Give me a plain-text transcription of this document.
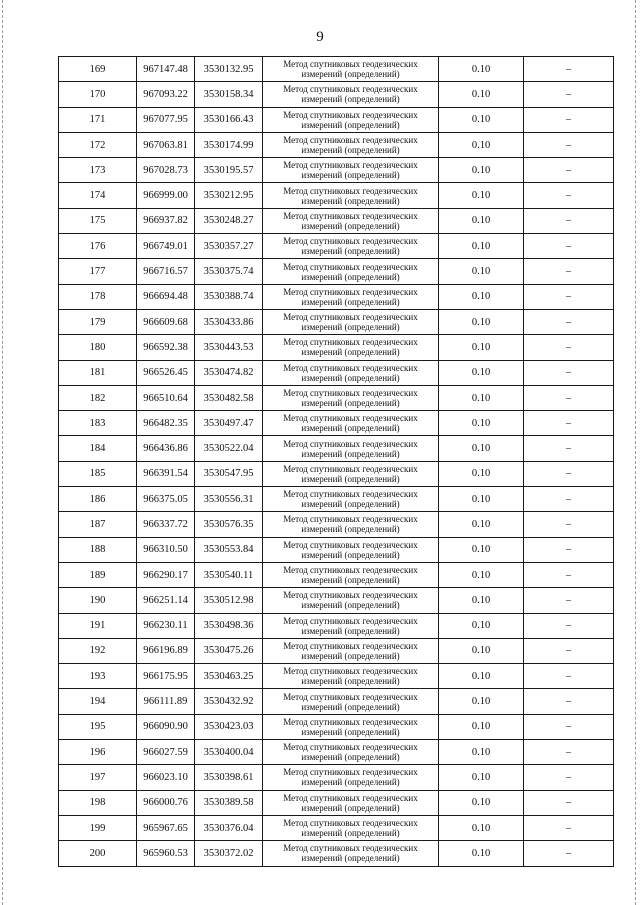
9
169	967147.48	3530132.95	Метод спутниковых геодезических
измерений (определений)	0.10	–
170	967093.22	3530158.34	Метод спутниковых геодезических
измерений (определений)	0.10	–
171	967077.95	3530166.43	Метод спутниковых геодезических
измерений (определений)	0.10	–
172	967063.81	3530174.99	Метод спутниковых геодезических
измерений (определений)	0.10	–
173	967028.73	3530195.57	Метод спутниковых геодезических
измерений (определений)	0.10	–
174	966999.00	3530212.95	Метод спутниковых геодезических
измерений (определений)	0.10	–
175	966937.82	3530248.27	Метод спутниковых геодезических
измерений (определений)	0.10	–
176	966749.01	3530357.27	Метод спутниковых геодезических
измерений (определений)	0.10	–
177	966716.57	3530375.74	Метод спутниковых геодезических
измерений (определений)	0.10	–
178	966694.48	3530388.74	Метод спутниковых геодезических
измерений (определений)	0.10	–
179	966609.68	3530433.86	Метод спутниковых геодезических
измерений (определений)	0.10	–
180	966592.38	3530443.53	Метод спутниковых геодезических
измерений (определений)	0.10	–
181	966526.45	3530474.82	Метод спутниковых геодезических
измерений (определений)	0.10	–
182	966510.64	3530482.58	Метод спутниковых геодезических
измерений (определений)	0.10	–
183	966482.35	3530497.47	Метод спутниковых геодезических
измерений (определений)	0.10	–
184	966436.86	3530522.04	Метод спутниковых геодезических
измерений (определений)	0.10	–
185	966391.54	3530547.95	Метод спутниковых геодезических
измерений (определений)	0.10	–
186	966375.05	3530556.31	Метод спутниковых геодезических
измерений (определений)	0.10	–
187	966337.72	3530576.35	Метод спутниковых геодезических
измерений (определений)	0.10	–
188	966310.50	3530553.84	Метод спутниковых геодезических
измерений (определений)	0.10	–
189	966290.17	3530540.11	Метод спутниковых геодезических
измерений (определений)	0.10	–
190	966251.14	3530512.98	Метод спутниковых геодезических
измерений (определений)	0.10	–
191	966230.11	3530498.36	Метод спутниковых геодезических
измерений (определений)	0.10	–
192	966196.89	3530475.26	Метод спутниковых геодезических
измерений (определений)	0.10	–
193	966175.95	3530463.25	Метод спутниковых геодезических
измерений (определений)	0.10	–
194	966111.89	3530432.92	Метод спутниковых геодезических
измерений (определений)	0.10	–
195	966090.90	3530423.03	Метод спутниковых геодезических
измерений (определений)	0.10	–
196	966027.59	3530400.04	Метод спутниковых геодезических
измерений (определений)	0.10	–
197	966023.10	3530398.61	Метод спутниковых геодезических
измерений (определений)	0.10	–
198	966000.76	3530389.58	Метод спутниковых геодезических
измерений (определений)	0.10	–
199	965967.65	3530376.04	Метод спутниковых геодезических
измерений (определений)	0.10	–
200	965960.53	3530372.02	Метод спутниковых геодезических
измерений (определений)	0.10	–
